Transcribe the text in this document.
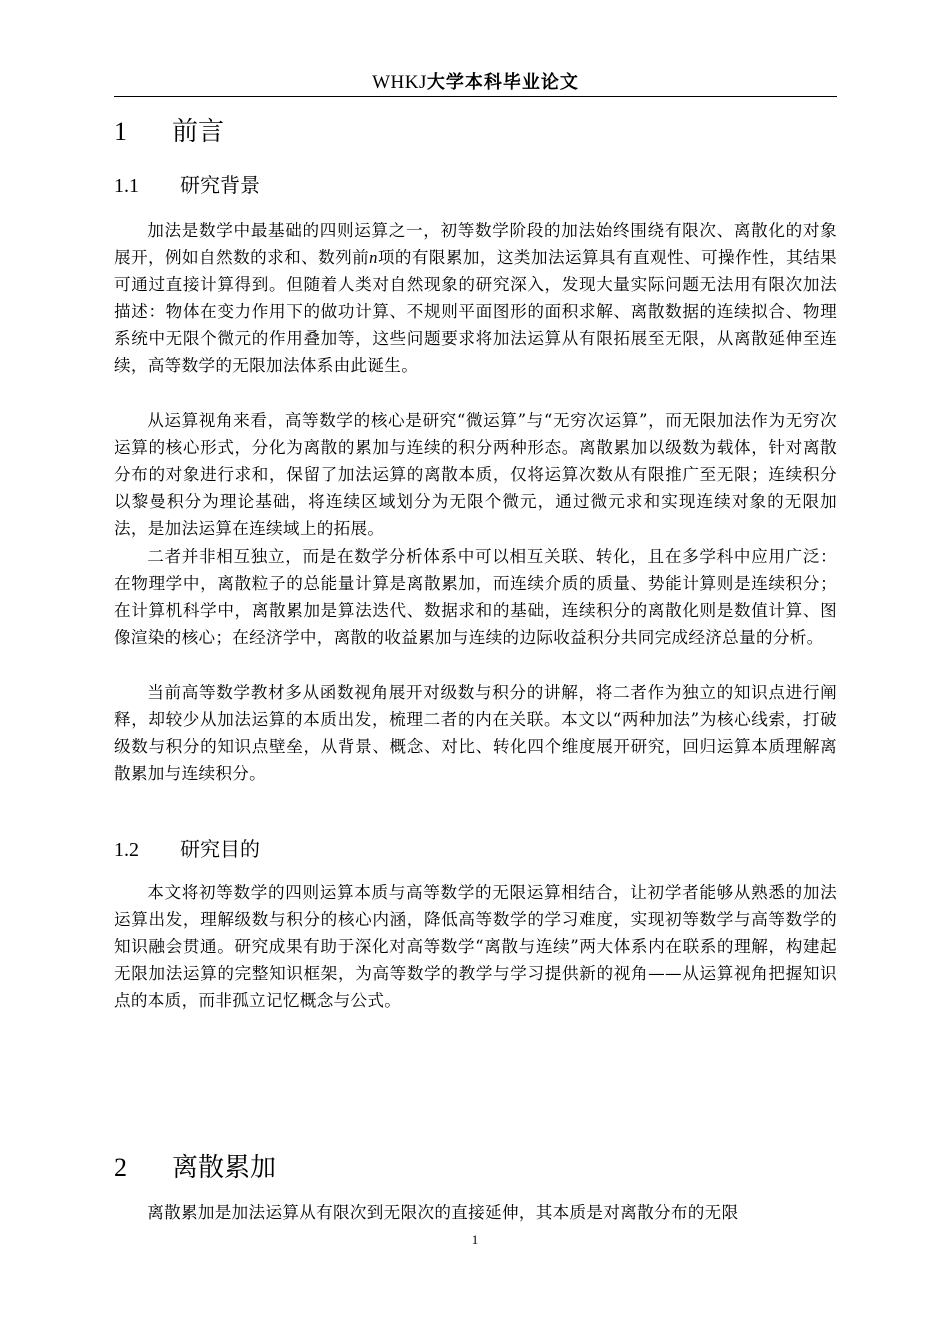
WHKJ大学本科毕业论文
1 前言
1.1 研究背景

加法是数学中最基础的四则运算之一，初等数学阶段的加法始终围绕有限次、离散化的对象展开，例如自然数的求和、数列前n项的有限累加，这类加法运算具有直观性、可操作性，其结果可通过直接计算得到。但随着人类对自然现象的研究深入，发现大量实际问题无法用有限次加法描述：物体在变力作用下的做功计算、不规则平面图形的面积求解、离散数据的连续拟合、物理系统中无限个微元的作用叠加等，这些问题要求将加法运算从有限拓展至无限，从离散延伸至连续，高等数学的无限加法体系由此诞生。

从运算视角来看，高等数学的核心是研究“微运算”与“无穷次运算”，而无限加法作为无穷次运算的核心形式，分化为离散的累加与连续的积分两种形态。离散累加以级数为载体，针对离散分布的对象进行求和，保留了加法运算的离散本质，仅将运算次数从有限推广至无限；连续积分以黎曼积分为理论基础，将连续区域划分为无限个微元，通过微元求和实现连续对象的无限加法，是加法运算在连续域上的拓展。

二者并非相互独立，而是在数学分析体系中可以相互关联、转化，且在多学科中应用广泛：在物理学中，离散粒子的总能量计算是离散累加，而连续介质的质量、势能计算则是连续积分；在计算机科学中，离散累加是算法迭代、数据求和的基础，连续积分的离散化则是数值计算、图像渲染的核心；在经济学中，离散的收益累加与连续的边际收益积分共同完成经济总量的分析。

当前高等数学教材多从函数视角展开对级数与积分的讲解，将二者作为独立的知识点进行阐释，却较少从加法运算的本质出发，梳理二者的内在关联。本文以“两种加法”为核心线索，打破级数与积分的知识点壁垒，从背景、概念、对比、转化四个维度展开研究，回归运算本质理解离散累加与连续积分。

1.2 研究目的

本文将初等数学的四则运算本质与高等数学的无限运算相结合，让初学者能够从熟悉的加法运算出发，理解级数与积分的核心内涵，降低高等数学的学习难度，实现初等数学与高等数学的知识融会贯通。研究成果有助于深化对高等数学“离散与连续”两大体系内在联系的理解，构建起无限加法运算的完整知识框架，为高等数学的教学与学习提供新的视角——从运算视角把握知识点的本质，而非孤立记忆概念与公式。

2 离散累加

离散累加是加法运算从有限次到无限次的直接延伸，其本质是对离散分布的无限

1
